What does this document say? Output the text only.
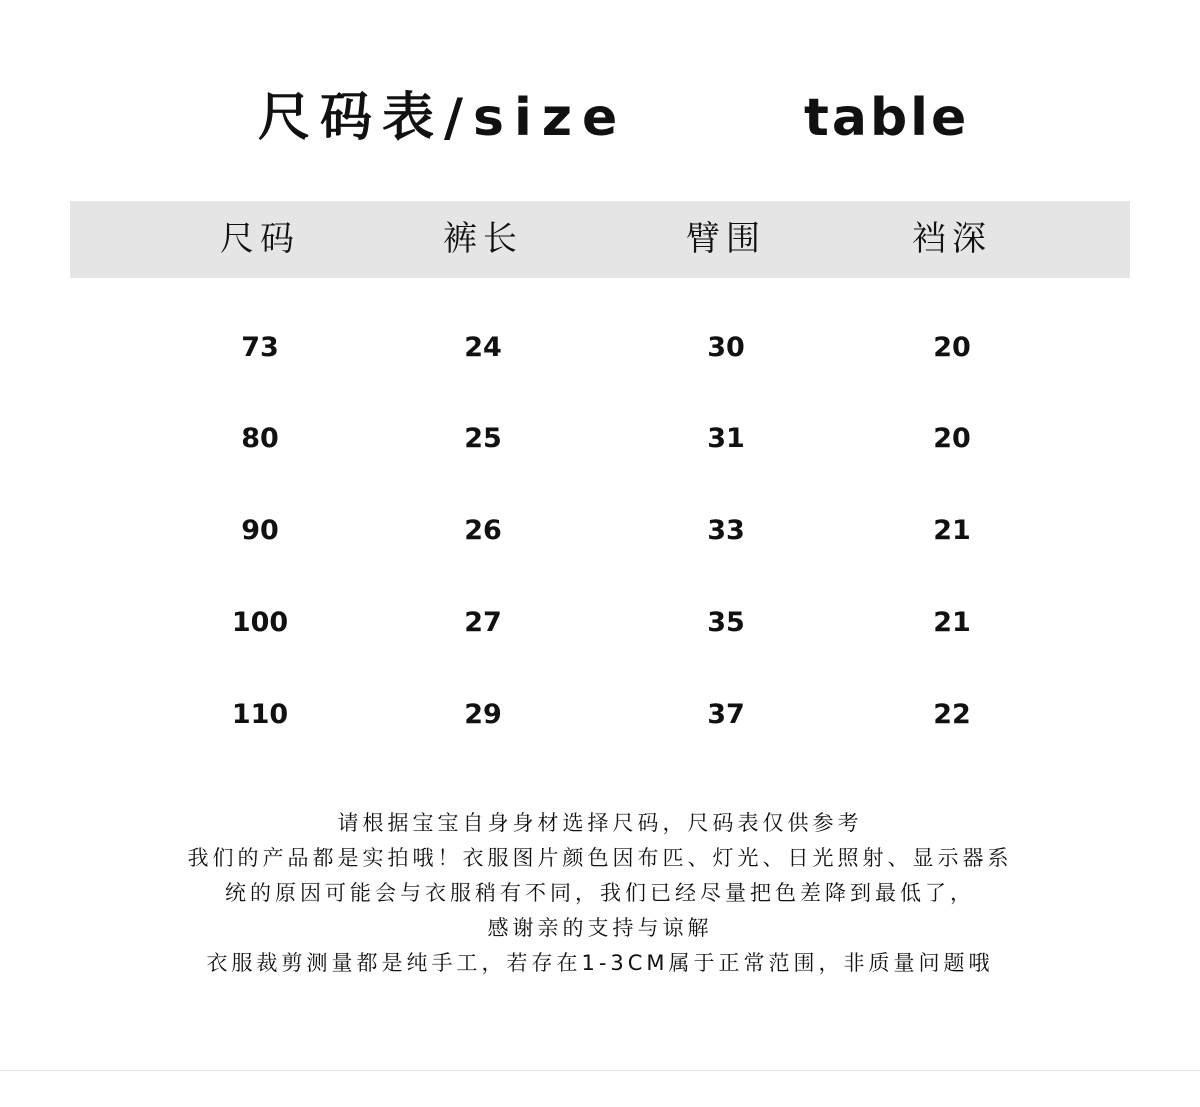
尺码表/size	table
尺码	裤长	臂围	裆深
73	24	30	20
80	25	31	20
90	26	33	21
100	27	35	21
110	29	37	22
请根据宝宝自身身材选择尺码，尺码表仅供参考
我们的产品都是实拍哦！衣服图片颜色因布匹、灯光、日光照射、显示器系
统的原因可能会与衣服稍有不同，我们已经尽量把色差降到最低了，
感谢亲的支持与谅解
衣服裁剪测量都是纯手工，若存在1-3CM属于正常范围，非质量问题哦
